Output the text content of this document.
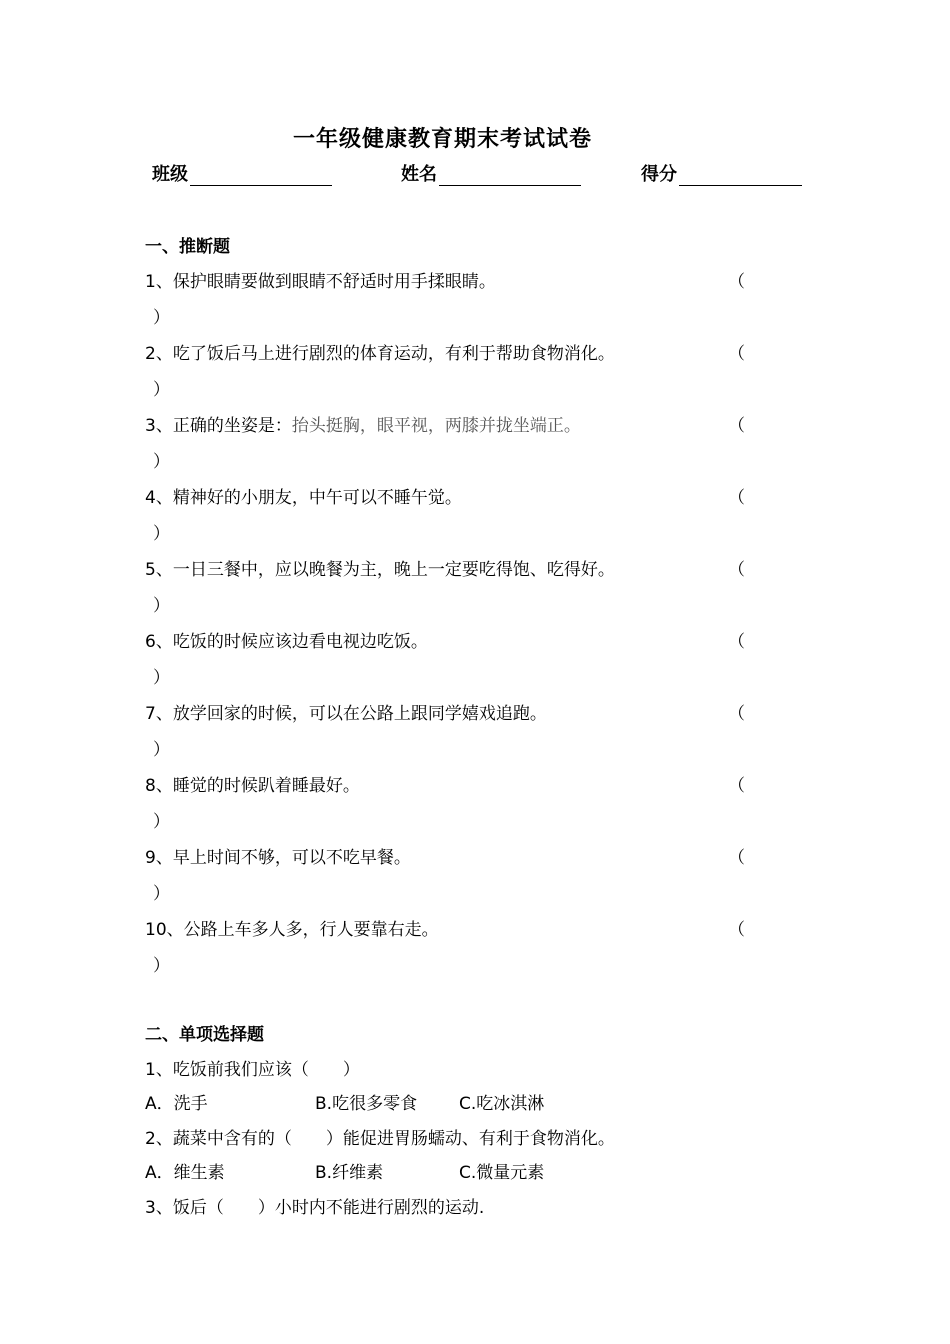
一年级健康教育期末考试试卷
班级	姓名	得分
一、推断题
1、保护眼睛要做到眼睛不舒适时用手揉眼睛。	（
）
2、吃了饭后马上进行剧烈的体育运动，有利于帮助食物消化。	（
）
3、正确的坐姿是：抬头挺胸，眼平视，两膝并拢坐端正。	（
）
4、精神好的小朋友，中午可以不睡午觉。	（
）
5、一日三餐中，应以晚餐为主，晚上一定要吃得饱、吃得好。	（
）
6、吃饭的时候应该边看电视边吃饭。	（
）
7、放学回家的时候，可以在公路上跟同学嬉戏追跑。	（
）
8、睡觉的时候趴着睡最好。	（
）
9、早上时间不够，可以不吃早餐。	（
）
10、公路上车多人多，行人要靠右走。	（
）
二、单项选择题
1、吃饭前我们应该（　　）
A．洗手	B.吃很多零食 C.吃冰淇淋
2、蔬菜中含有的（　　）能促进胃肠蠕动、有利于食物消化。
A．维生素	B.纤维素	C.微量元素
3、饭后（　　）小时内不能进行剧烈的运动.
